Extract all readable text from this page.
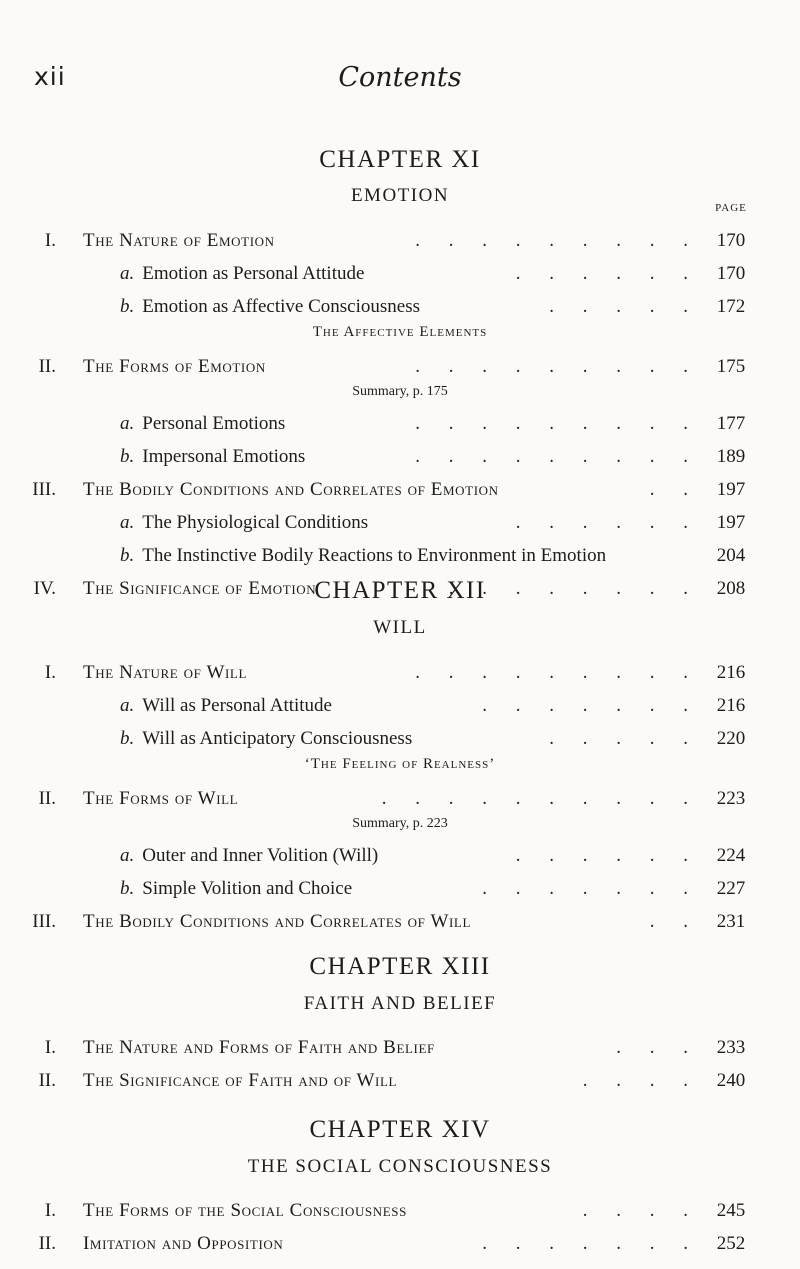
xii	Contents
PAGE
CHAPTER XI
EMOTION
I. The Nature of Emotion	. . . . . . . . . 170
a. Emotion as Personal Attitude	. . . . . . 170
b. Emotion as Affective Consciousness	. . . . . 172
The Affective Elements
II. The Forms of Emotion	. . . . . . . . . 175
Summary, p. 175
a. Personal Emotions	. . . . . . . . . 177
b. Impersonal Emotions	. . . . . . . . . 189
III. The Bodily Conditions and Correlates of Emotion	. . 197
a. The Physiological Conditions	. . . . . . 197
b. The Instinctive Bodily Reactions to Environment in Emotion	204
IV. The Significance of Emotion	. . . . . . . . 208
CHAPTER XII
WILL
I. The Nature of Will	. . . . . . . . . 216
a. Will as Personal Attitude	. . . . . . . 216
b. Will as Anticipatory Consciousness	. . . . . 220
‘The Feeling of Realness’
II. The Forms of Will	. . . . . . . . . . 223
Summary, p. 223
a. Outer and Inner Volition (Will)	. . . . . . 224
b. Simple Volition and Choice	. . . . . . . 227
III. The Bodily Conditions and Correlates of Will	. . 231
CHAPTER XIII
FAITH AND BELIEF
I. The Nature and Forms of Faith and Belief	. . . 233
II. The Significance of Faith and of Will	. . . . 240
CHAPTER XIV
THE SOCIAL CONSCIOUSNESS
I. The Forms of the Social Consciousness	. . . . 245
II. Imitation and Opposition	. . . . . . . 252
